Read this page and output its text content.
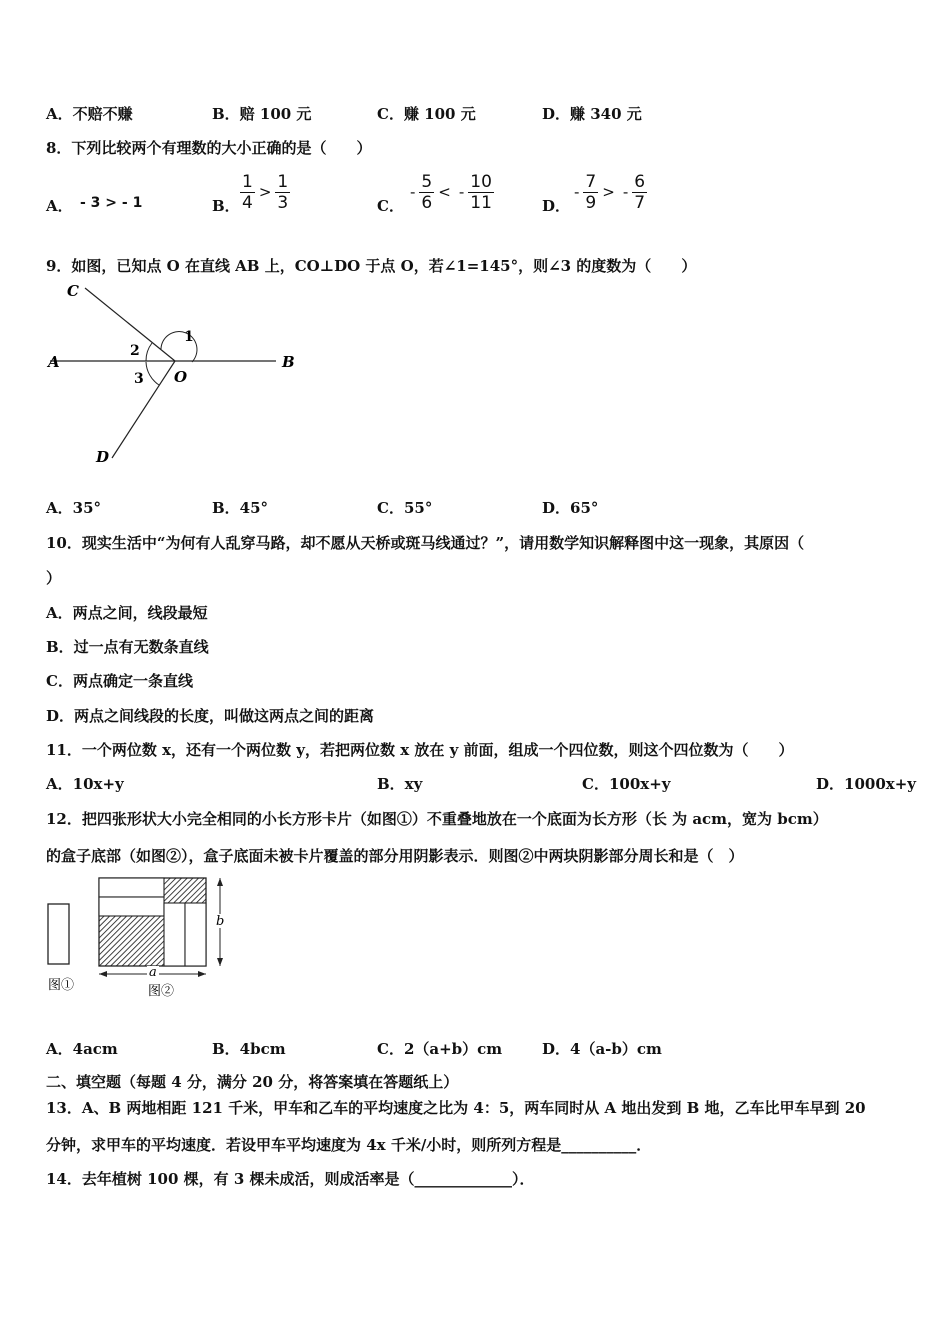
A．不赔不赚	B．赔 100 元	C．赚 100 元	D．赚 340 元
8．下列比较两个有理数的大小正确的是（　　）
A． - 3 > - 1	B． $\frac{1}{4} > \frac{1}{3}$	C．
- $\frac{5}{6}$ < - $\frac{10}{11}$	D．
- $\frac{7}{9}$ > - $\frac{6}{7}$
9．如图，已知点 O 在直线 AB 上，CO⊥DO 于点 O，若∠1=145°，则∠3 的度数为（　　）
C
A	B
D
O
1
2
3
A．35°	B．45°	C．55°	D．65°
10．现实生活中“为何有人乱穿马路，却不愿从天桥或斑马线通过？”，请用数学知识解释图中这一现象，其原因（
）
A．两点之间，线段最短
B．过一点有无数条直线
C．两点确定一条直线
D．两点之间线段的长度，叫做这两点之间的距离
11．一个两位数 x，还有一个两位数 y，若把两位数 x 放在 y 前面，组成一个四位数，则这个四位数为（　　）
A．10x+y	B．xy	C．100x+y	D．1000x+y
12．把四张形状大小完全相同的小长方形卡片（如图①）不重叠地放在一个底面为长方形（长 为 acm，宽为 bcm）
的盒子底部（如图②），盒子底面未被卡片覆盖的部分用阴影表示．则图②中两块阴影部分周长和是（　）
图①
b
a
图②
A．4acm	B．4bcm	C．2（a+b）cm	D．4（a-b）cm
二、填空题（每题 4 分，满分 20 分，将答案填在答题纸上）
13．A、B 两地相距 121 千米，甲车和乙车的平均速度之比为 4：5，两车同时从 A 地出发到 B 地，乙车比甲车早到 20
分钟，求甲车的平均速度．若设甲车平均速度为 4x 千米/小时，则所列方程是__________．
14．去年植树 100 棵，有 3 棵未成活，则成活率是（_____________）．
